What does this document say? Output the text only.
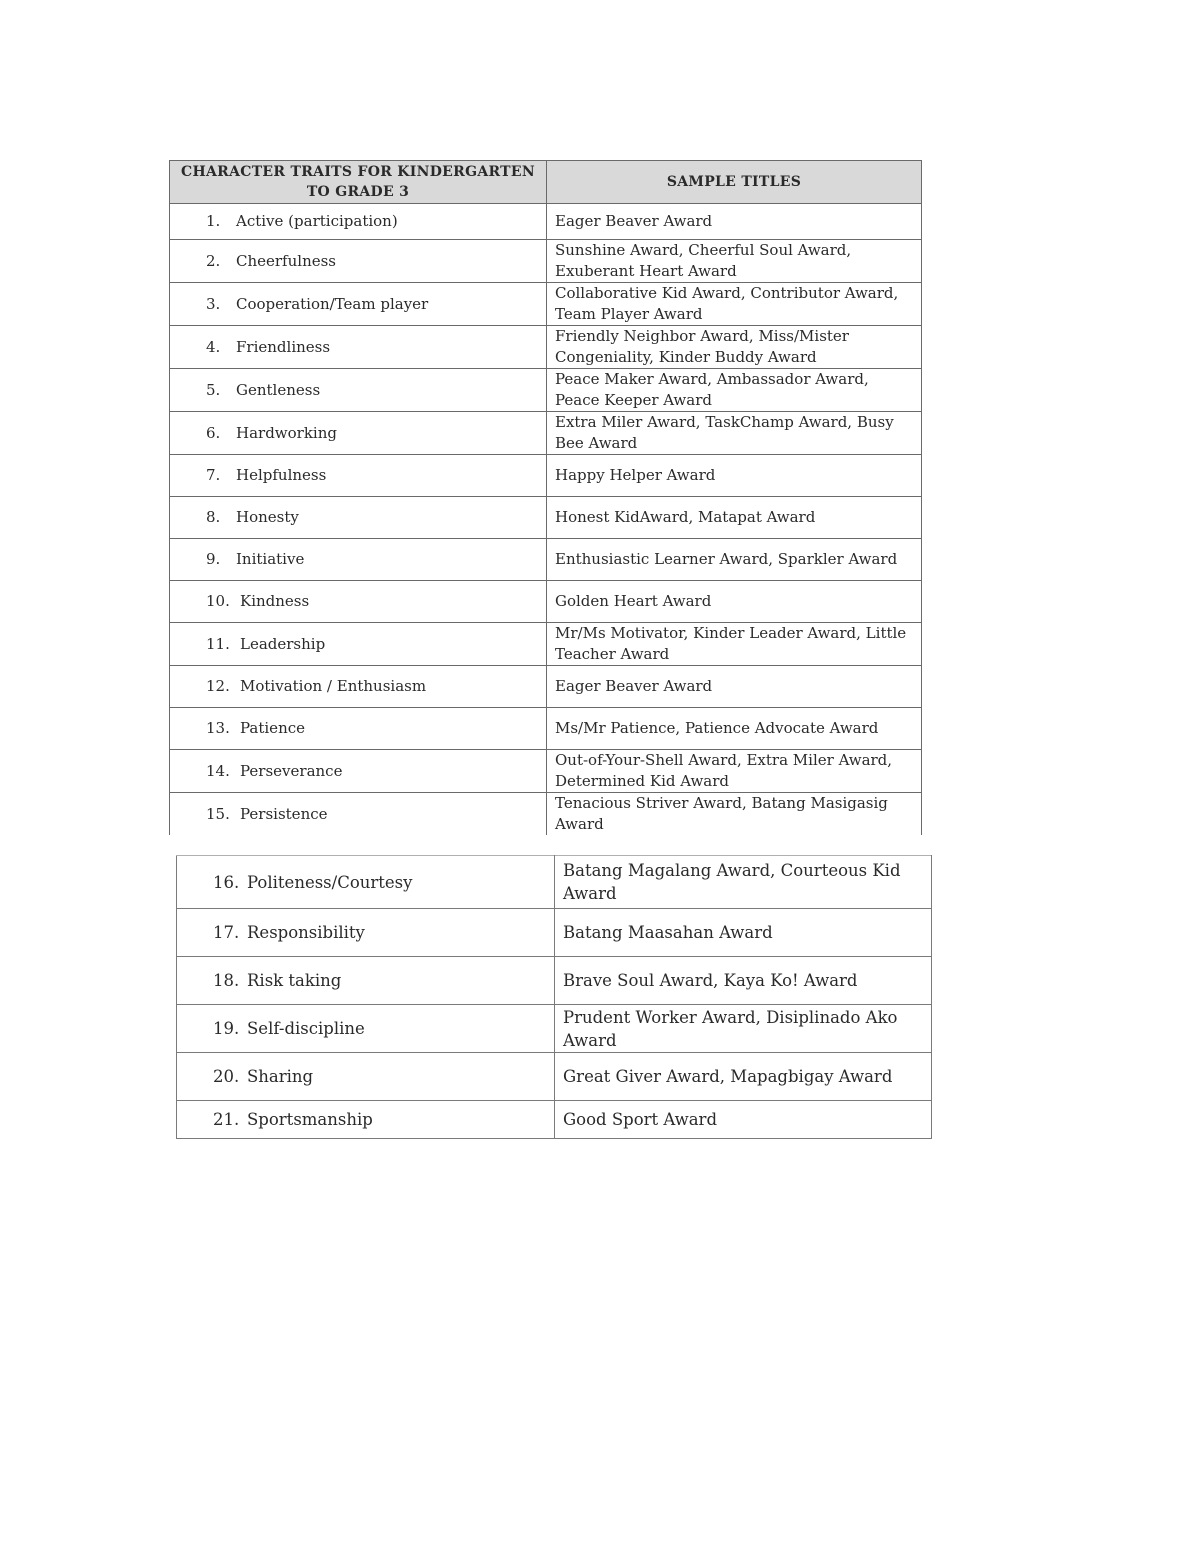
CHARACTER TRAITS FOR KINDERGARTEN TO GRADE 3	SAMPLE TITLES
1. Active (participation)	Eager Beaver Award
2. Cheerfulness	Sunshine Award, Cheerful Soul Award, Exuberant Heart Award
3. Cooperation/Team player	Collaborative Kid Award, Contributor Award, Team Player Award
4. Friendliness	Friendly Neighbor Award, Miss/Mister Congeniality, Kinder Buddy Award
5. Gentleness	Peace Maker Award, Ambassador Award, Peace Keeper Award
6. Hardworking	Extra Miler Award, TaskChamp Award, Busy Bee Award
7. Helpfulness	Happy Helper Award
8. Honesty	Honest KidAward, Matapat Award
9. Initiative	Enthusiastic Learner Award, Sparkler Award
10. Kindness	Golden Heart Award
11. Leadership	Mr/Ms Motivator, Kinder Leader Award, Little Teacher Award
12. Motivation / Enthusiasm	Eager Beaver Award
13. Patience	Ms/Mr Patience, Patience Advocate Award
14. Perseverance	Out-of-Your-Shell Award, Extra Miler Award, Determined Kid Award
15. Persistence	Tenacious Striver Award, Batang Masigasig Award
16. Politeness/Courtesy	Batang Magalang Award, Courteous Kid Award
17. Responsibility	Batang Maasahan Award
18. Risk taking	Brave Soul Award, Kaya Ko! Award
19. Self-discipline	Prudent Worker Award, Disiplinado Ako Award
20. Sharing	Great Giver Award, Mapagbigay Award
21. Sportsmanship	Good Sport Award
